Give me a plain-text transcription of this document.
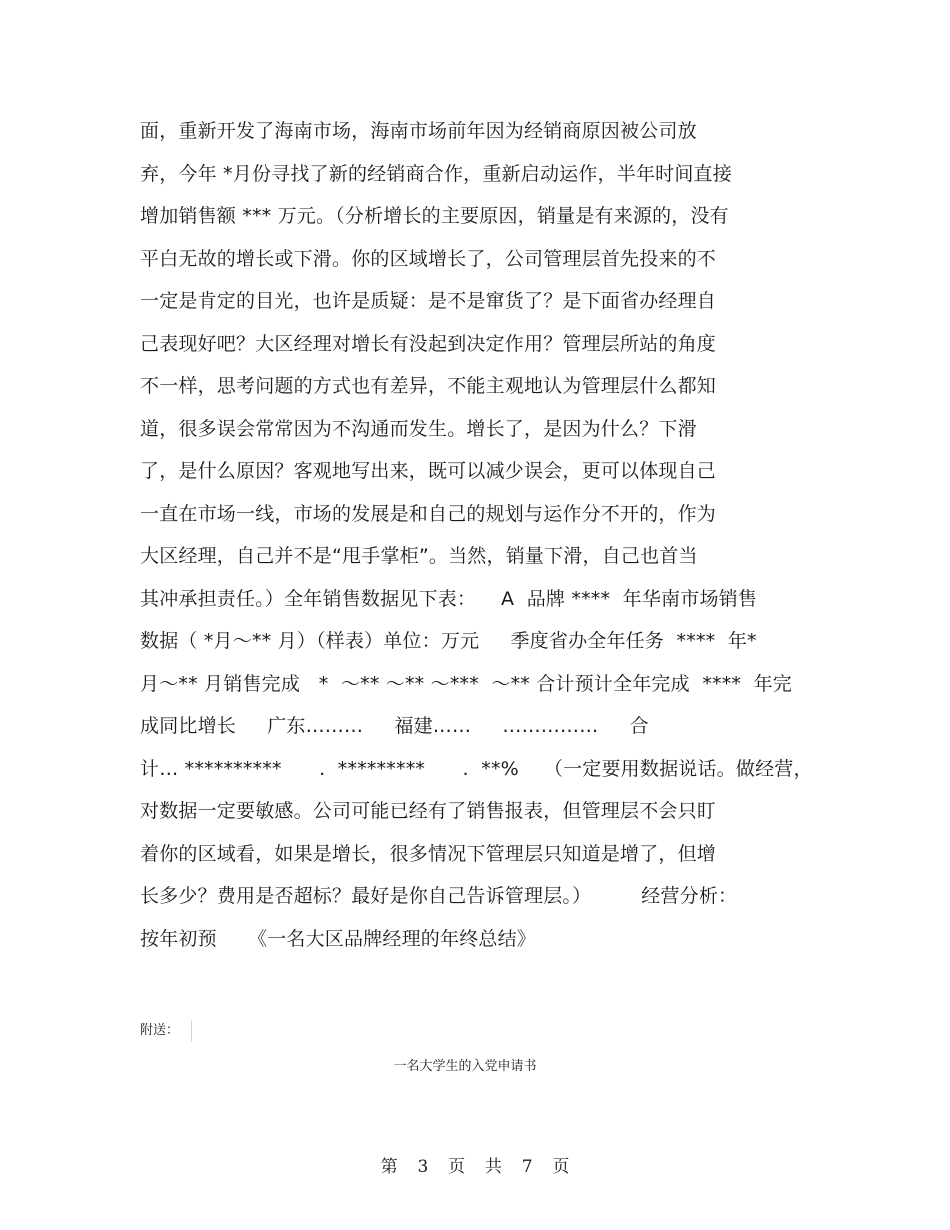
面，重新开发了海南市场，海南市场前年因为经销商原因被公司放
弃，今年 *月份寻找了新的经销商合作，重新启动运作，半年时间直接
增加销售额 *** 万元。（分析增长的主要原因，销量是有来源的，没有
平白无故的增长或下滑。你的区域增长了，公司管理层首先投来的不
一定是肯定的目光，也许是质疑：是不是窜货了？是下面省办经理自
己表现好吧？大区经理对增长有没起到决定作用？管理层所站的角度
不一样，思考问题的方式也有差异，不能主观地认为管理层什么都知
道，很多误会常常因为不沟通而发生。增长了，是因为什么？下滑
了，是什么原因？客观地写出来，既可以减少误会，更可以体现自己
一直在市场一线，市场的发展是和自己的规划与运作分不开的，作为
大区经理，自己并不是“甩手掌柜”。当然，销量下滑，自己也首当
其冲承担责任。）全年销售数据见下表：    A  品牌 ****  年华南市场销售
数据（ *月～** 月）（样表）单位：万元     季度省办全年任务  ****  年*
月～** 月销售完成   *  ～** ～** ～***  ～** 合计预计全年完成  ****  年完
成同比增长     广东………     福建……     ……………     合
计… **********      .  *********      .  **%    （一定要用数据说话。做经营，
对数据一定要敏感。公司可能已经有了销售报表，但管理层不会只盯
着你的区域看，如果是增长，很多情况下管理层只知道是增了，但增
长多少？费用是否超标？最好是你自己告诉管理层。）        经营分析：
按年初预     《一名大区品牌经理的年终总结》
附送：
一名大学生的入党申请书
第 3 页 共 7 页
